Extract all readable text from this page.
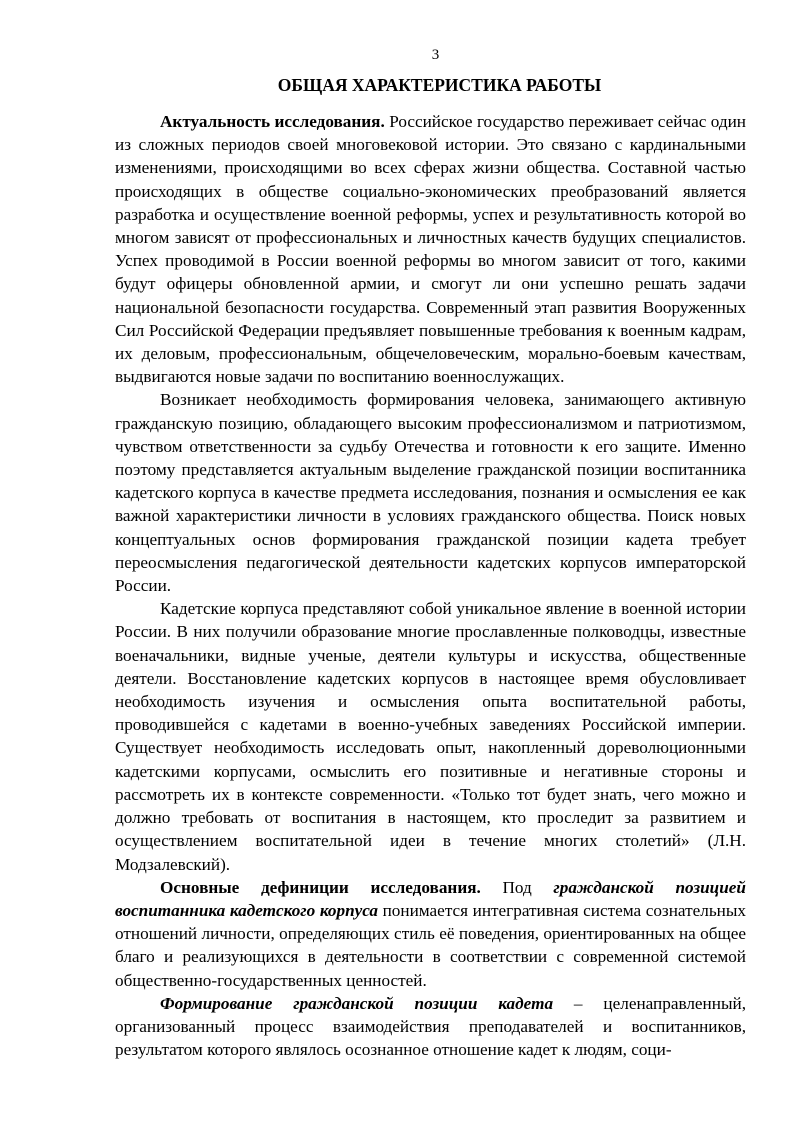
3
ОБЩАЯ ХАРАКТЕРИСТИКА РАБОТЫ

Актуальность исследования. Российское государство переживает сейчас один из сложных периодов своей многовековой истории. Это связано с кардинальными изменениями, происходящими во всех сферах жизни общества. Составной частью происходящих в обществе социально-экономических преобразований является разработка и осуществление военной реформы, успех и результативность которой во многом зависят от профессиональных и личностных качеств будущих специалистов. Успех проводимой в России военной реформы во многом зависит от того, какими будут офицеры обновленной армии, и смогут ли они успешно решать задачи национальной безопасности государства. Современный этап развития Вооруженных Сил Российской Федерации предъявляет повышенные требования к военным кадрам, их деловым, профессиональным, общечеловеческим, морально-боевым качествам, выдвигаются новые задачи по воспитанию военнослужащих.

Возникает необходимость формирования человека, занимающего активную гражданскую позицию, обладающего высоким профессионализмом и патриотизмом, чувством ответственности за судьбу Отечества и готовности к его защите. Именно поэтому представляется актуальным выделение гражданской позиции воспитанника кадетского корпуса в качестве предмета исследования, познания и осмысления ее как важной характеристики личности в условиях гражданского общества. Поиск новых концептуальных основ формирования гражданской позиции кадета требует переосмысления педагогической деятельности кадетских корпусов императорской России.

Кадетские корпуса представляют собой уникальное явление в военной истории России. В них получили образование многие прославленные полководцы, известные военачальники, видные ученые, деятели культуры и искусства, общественные деятели. Восстановление кадетских корпусов в настоящее время обусловливает необходимость изучения и осмысления опыта воспитательной работы, проводившейся с кадетами в военно-учебных заведениях Российской империи. Существует необходимость исследовать опыт, накопленный дореволюционными кадетскими корпусами, осмыслить его позитивные и негативные стороны и рассмотреть их в контексте современности. «Только тот будет знать, чего можно и должно требовать от воспитания в настоящем, кто проследит за развитием и осуществлением воспитательной идеи в течение многих столетий» (Л.Н. Модзалевский).

Основные дефиниции исследования. Под гражданской позицией воспитанника кадетского корпуса понимается интегративная система сознательных отношений личности, определяющих стиль её поведения, ориентированных на общее благо и реализующихся в деятельности в соответствии с современной системой общественно-государственных ценностей.

Формирование гражданской позиции кадета – целенаправленный, организованный процесс взаимодействия преподавателей и воспитанников, результатом которого являлось осознанное отношение кадет к людям, соци-
